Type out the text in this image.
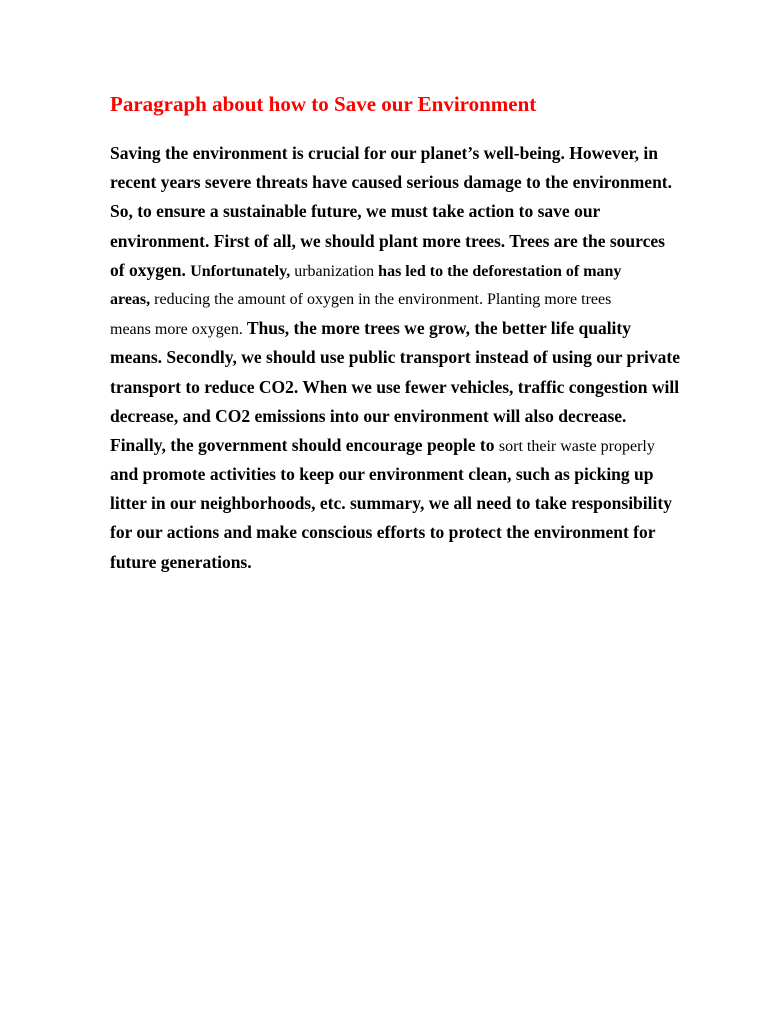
Paragraph about how to Save our Environment
Saving the environment is crucial for our planet’s well-being. However, in
recent years severe threats have caused serious damage to the environment.
So, to ensure a sustainable future, we must take action to save our
environment. First of all, we should plant more trees. Trees are the sources
of oxygen. Unfortunately, urbanization has led to the deforestation of many
areas, reducing the amount of oxygen in the environment. Planting more trees
means more oxygen. Thus, the more trees we grow, the better life quality
means. Secondly, we should use public transport instead of using our private
transport to reduce CO2. When we use fewer vehicles, traffic congestion will
decrease, and CO2 emissions into our environment will also decrease.
Finally, the government should encourage people to sort their waste properly
and promote activities to keep our environment clean, such as picking up
litter in our neighborhoods, etc. summary, we all need to take responsibility
for our actions and make conscious efforts to protect the environment for
future generations.
